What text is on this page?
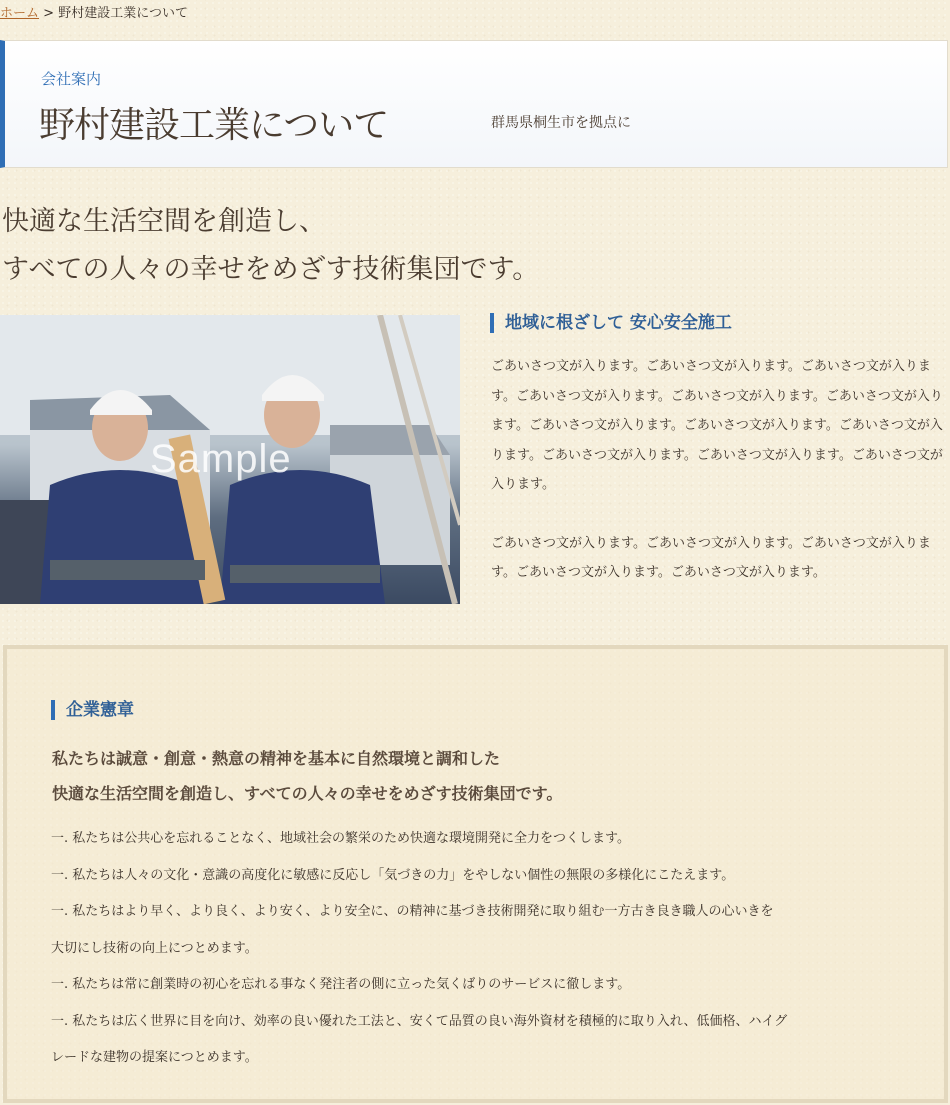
ホーム > 野村建設工業について
会社案内
野村建設工業について	群馬県桐生市を拠点に
快適な生活空間を創造し、
すべての人々の幸せをめざす技術集団です。
Sample
地域に根ざして 安心安全施工

ごあいさつ文が入ります。ごあいさつ文が入ります。ごあいさつ文が入ります。ごあいさつ文が入ります。ごあいさつ文が入ります。ごあいさつ文が入ります。ごあいさつ文が入ります。ごあいさつ文が入ります。ごあいさつ文が入ります。ごあいさつ文が入ります。ごあいさつ文が入ります。ごあいさつ文が入ります。

ごあいさつ文が入ります。ごあいさつ文が入ります。ごあいさつ文が入ります。ごあいさつ文が入ります。ごあいさつ文が入ります。

企業憲章
私たちは誠意・創意・熱意の精神を基本に自然環境と調和した
快適な生活空間を創造し、すべての人々の幸せをめざす技術集団です。
一. 私たちは公共心を忘れることなく、地域社会の繁栄のため快適な環境開発に全力をつくします。
一. 私たちは人々の文化・意識の高度化に敏感に反応し「気づきの力」をやしない個性の無限の多様化にこたえます。
一. 私たちはより早く、より良く、より安く、より安全に、の精神に基づき技術開発に取り組む一方古き良き職人の心いきを
大切にし技術の向上につとめます。
一. 私たちは常に創業時の初心を忘れる事なく発注者の側に立った気くばりのサービスに徹します。
一. 私たちは広く世界に目を向け、効率の良い優れた工法と、安くて品質の良い海外資材を積極的に取り入れ、低価格、ハイグ
レードな建物の提案につとめます。
